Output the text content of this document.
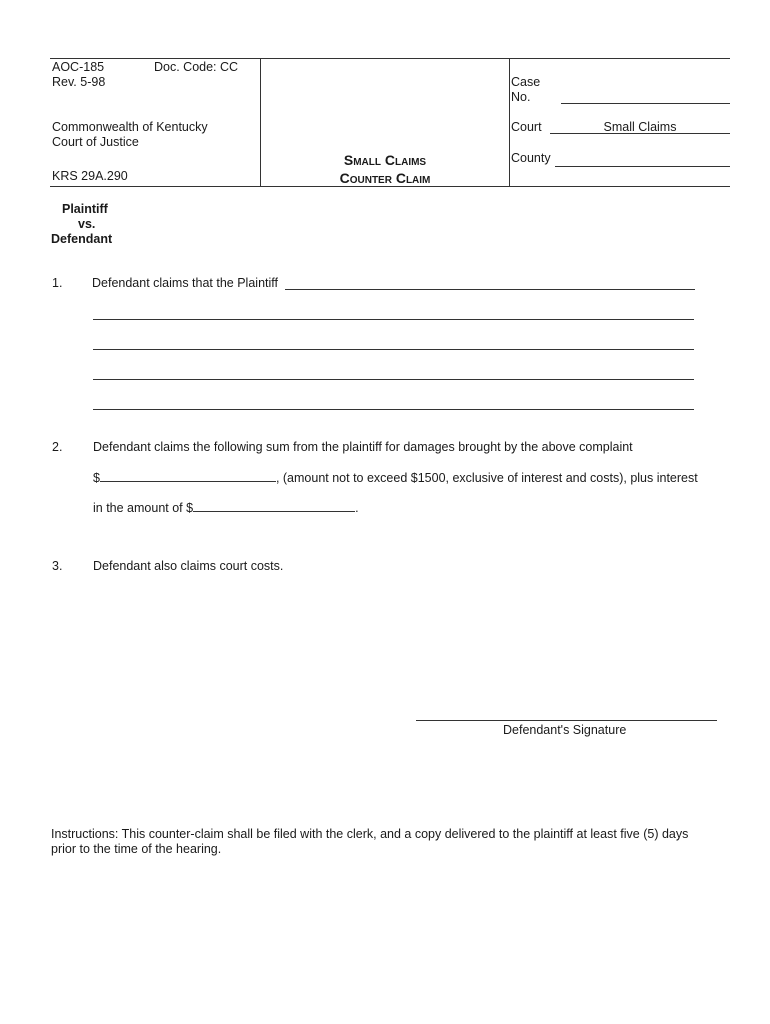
AOC-185	Doc. Code: CC
Rev. 5-98
Commonwealth of Kentucky
Court of Justice
KRS 29A.290
Small Claims
Counter Claim
Case
No.
Court	Small Claims
County
Plaintiff
vs.
Defendant
1. Defendant claims that the Plaintiff
2. Defendant claims the following sum from the plaintiff for damages brought by the above complaint
$	, (amount not to exceed $1500, exclusive of interest and costs), plus interest
in the amount of $	.
3. Defendant also claims court costs.
Defendant's Signature
Instructions: This counter-claim shall be filed with the clerk, and a copy delivered to the plaintiff at least five (5) days
prior to the time of the hearing.
